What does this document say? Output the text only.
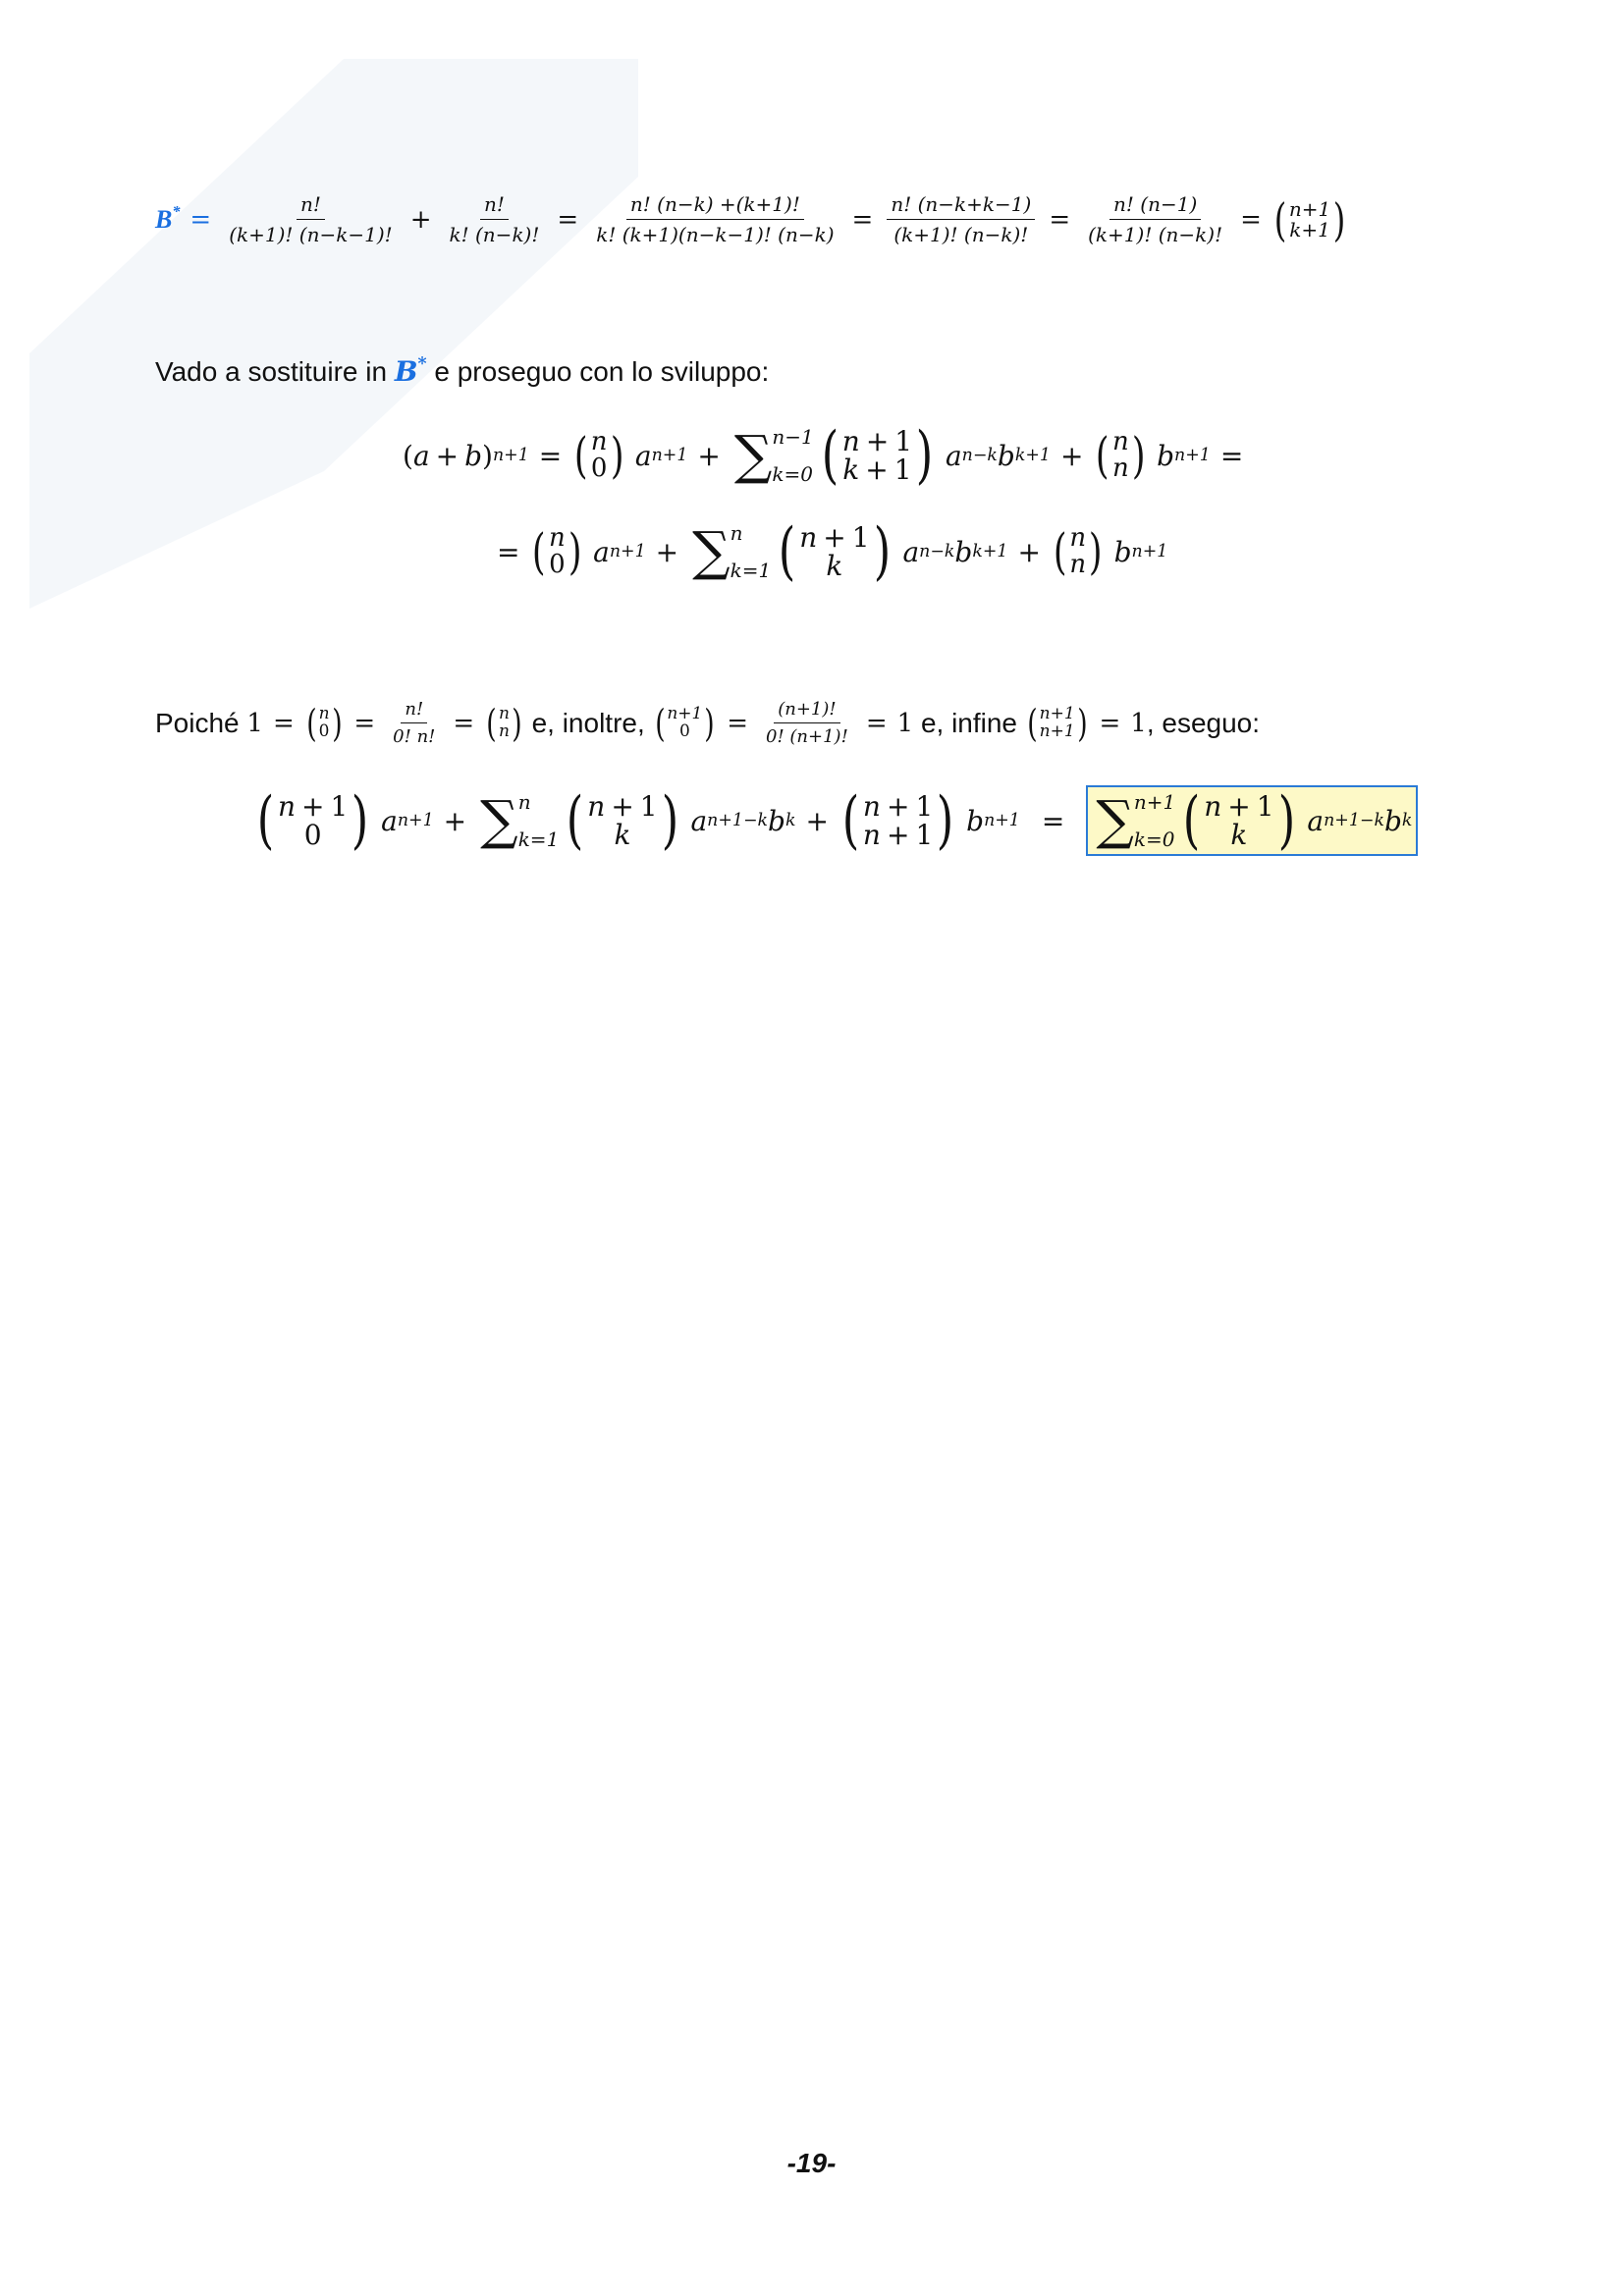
$B^* = \frac{n!}{(k+1)! (n-k-1)!} + \frac{n!}{k! (n-k)!} = \frac{n! (n-k) +(k+1)!}{k! (k+1)(n-k-1)! (n-k)} = \frac{n! (n-k+k-1)}{(k+1)! (n-k)!} = \frac{n! (n-1)}{(k+1)! (n-k)!}$ = ( n+1
k+1 )
Vado a sostituire in
B*
e proseguo con lo sviluppo:
( a + b ) n+1 = ( n
0 ) a n+1 + ∑ n−1
k=0 ( n + 1
k + 1 ) a n−k b k+1 + ( n
n ) b n+1 =
= ( n
0 ) a n+1 + ∑ n
k=1 ( n + 1
k ) a n−k b k+1 + ( n
n ) b n+1
Poiché
1 = ( n
0 ) = $\frac{n!}{0! n!}$ = ( n
n )
e, inoltre,
( n+1
0 ) = $\frac{(n+1)!}{0! (n+1)!} = 1$
e, infine
( n+1
n+1 ) = 1 , eseguo:
( n + 1
0 ) a n+1 + ∑ n
k=1 ( n + 1
k ) a n+1−k b k + ( n + 1
n + 1 ) b n+1 = ∑ n+1
k=0 ( n + 1
k ) a n+1−k b k
-19-
